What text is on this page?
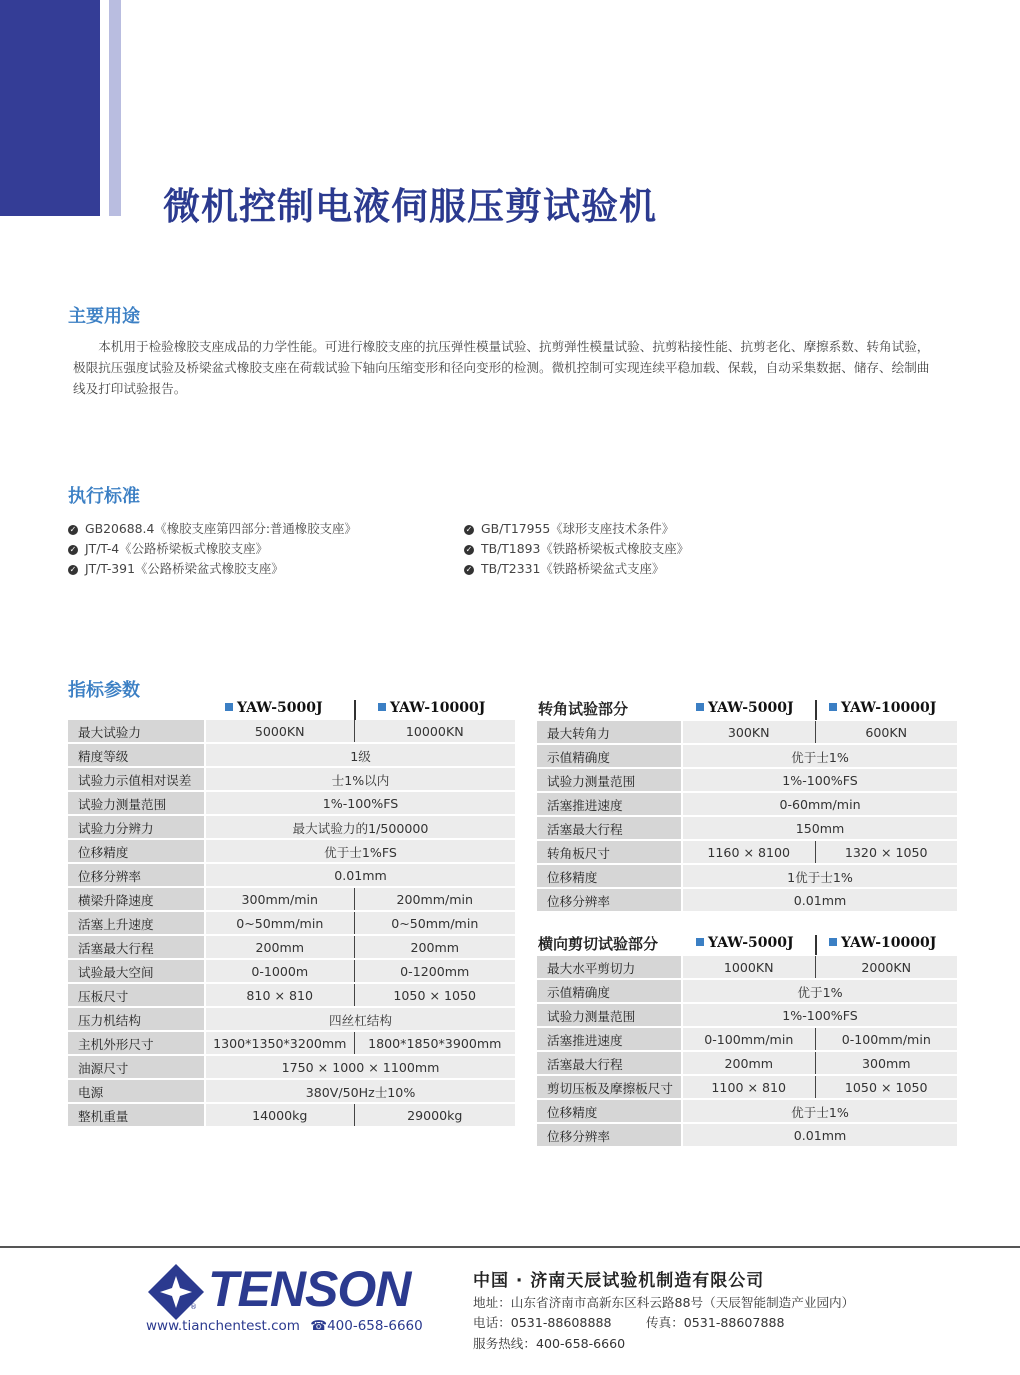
微机控制电液伺服压剪试验机
主要用途
本机用于检验橡胶支座成品的力学性能。可进行橡胶支座的抗压弹性模量试验、抗剪弹性模量试验、抗剪粘接性能、抗剪老化、摩擦系数、转角试验，极限抗压强度试验及桥梁盆式橡胶支座在荷载试验下轴向压缩变形和径向变形的检测。微机控制可实现连续平稳加载、保载，自动采集数据、储存、绘制曲线及打印试验报告。
执行标准
✓ GB20688.4《橡胶支座第四部分:普通橡胶支座》
✓ JT/T-4《公路桥梁板式橡胶支座》
✓ JT/T-391《公路桥梁盆式橡胶支座》
✓ GB/T17955《球形支座技术条件》
✓ TB/T1893《铁路桥梁板式橡胶支座》
✓ TB/T2331《铁路桥梁盆式支座》
指标参数
YAW-5000J	YAW-10000J
最大试验力	5000KN	10000KN
精度等级	1级	
试验力示值相对误差	士1%以内	
试验力测量范围	1%-100%FS	
试验力分辨力	最大试验力的1/500000	
位移精度	优于士1%FS	
位移分辨率	0.01mm	
横梁升降速度	300mm/min	200mm/min
活塞上升速度	0~50mm/min	0~50mm/min
活塞最大行程	200mm	200mm
试验最大空间	0-1000m	0-1200mm
压板尺寸	810 × 810	1050 × 1050
压力机结构	四丝杠结构	
主机外形尺寸	1300*1350*3200mm	1800*1850*3900mm
油源尺寸	1750 × 1000 × 1100mm	
电源	380V/50Hz士10%	
整机重量	14000kg	29000kg
转角试验部分	YAW-5000J	YAW-10000J
最大转角力	300KN	600KN
示值精确度	优于士1%	
试验力测量范围	1%-100%FS	
活塞推进速度	0-60mm/min	
活塞最大行程	150mm	
转角板尺寸	1160 × 8100	1320 × 1050
位移精度	1优于士1%	
位移分辨率	0.01mm	
横向剪切试验部分	YAW-5000J	YAW-10000J
最大水平剪切力	1000KN	2000KN
示值精确度	优于1%	
试验力测量范围	1%-100%FS	
活塞推进速度	0-100mm/min	0-100mm/min
活塞最大行程	200mm	300mm
剪切压板及摩擦板尺寸	1100 × 810	1050 × 1050
位移精度	优于士1%	
位移分辨率	0.01mm	
TENSON
®
www.tianchentest.com ☎400-658-6660
中国 · 济南天辰试验机制造有限公司
地址：山东省济南市高新东区科云路88号（天辰智能制造产业园内）
电话：0531-88608888	传真：0531-88607888
服务热线：400-658-6660
